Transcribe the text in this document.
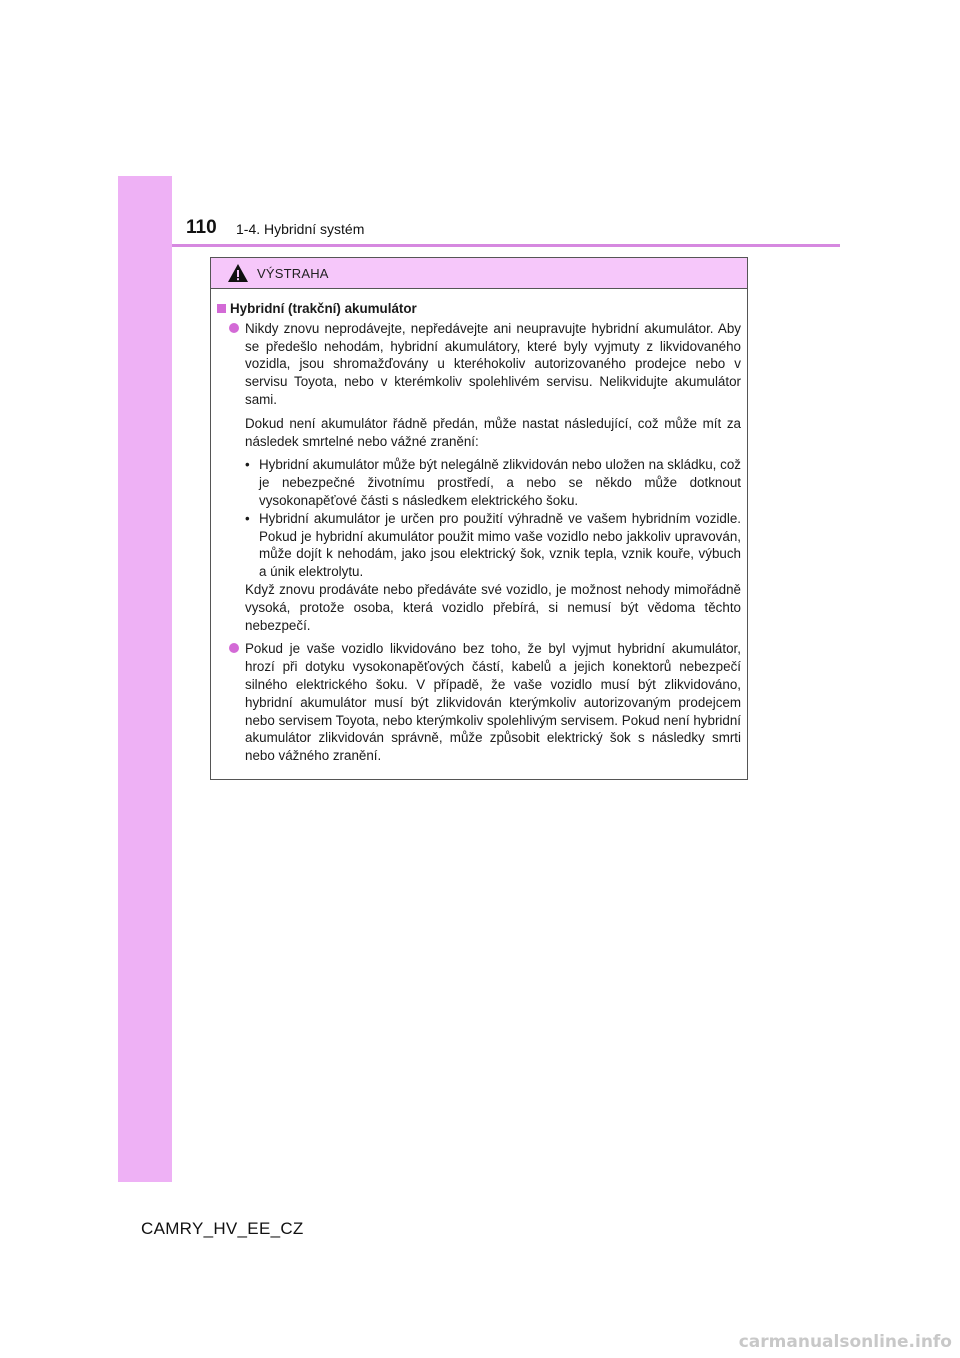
110 1-4. Hybridní systém
VÝSTRAHA
Hybridní (trakční) akumulátor
Nikdy znovu neprodávejte, nepředávejte ani neupravujte hybridní akumulátor. Aby se předešlo nehodám, hybridní akumulátory, které byly vyjmuty z likvidovaného vozidla, jsou shromažďovány u kteréhokoliv autorizovaného prodejce nebo v servisu Toyota, nebo v kterémkoliv spolehlivém servisu. Nelikvidujte akumulátor sami.
Dokud není akumulátor řádně předán, může nastat následující, což může mít za následek smrtelné nebo vážné zranění:
• Hybridní akumulátor může být nelegálně zlikvidován nebo uložen na skládku, což je nebezpečné životnímu prostředí, a nebo se někdo může dotknout vysokonapěťové části s následkem elektrického šoku.
• Hybridní akumulátor je určen pro použití výhradně ve vašem hybridním vozidle. Pokud je hybridní akumulátor použit mimo vaše vozidlo nebo jakkoliv upravován, může dojít k nehodám, jako jsou elektrický šok, vznik tepla, vznik kouře, výbuch a únik elektrolytu.
Když znovu prodáváte nebo předáváte své vozidlo, je možnost nehody mimořádně vysoká, protože osoba, která vozidlo přebírá, si nemusí být vědoma těchto nebezpečí.
Pokud je vaše vozidlo likvidováno bez toho, že byl vyjmut hybridní akumulátor, hrozí při dotyku vysokonapěťových částí, kabelů a jejich konektorů nebezpečí silného elektrického šoku. V případě, že vaše vozidlo musí být zlikvidováno, hybridní akumulátor musí být zlikvidován kterýmkoliv autorizovaným prodejcem nebo servisem Toyota, nebo kterýmkoliv spolehlivým servisem. Pokud není hybridní akumulátor zlikvidován správně, může způsobit elektrický šok s následky smrti nebo vážného zranění.
CAMRY_HV_EE_CZ
carmanualsonline.info
